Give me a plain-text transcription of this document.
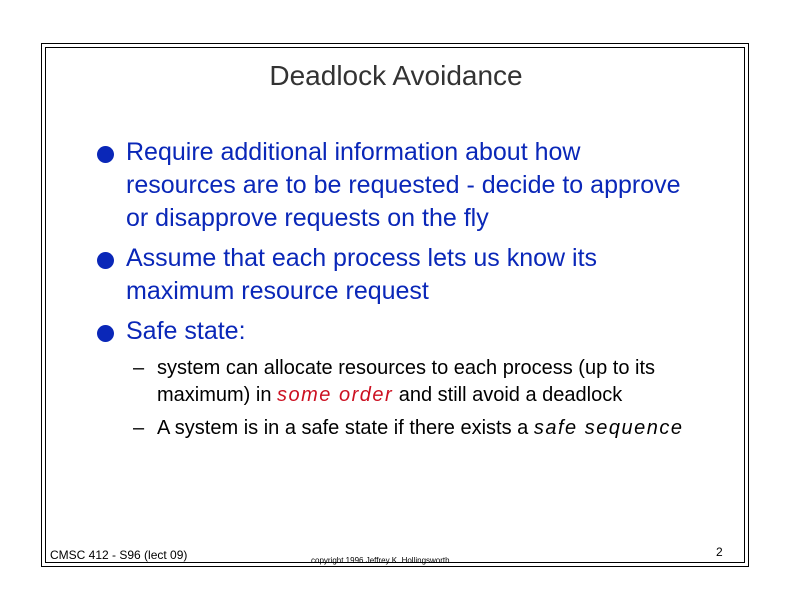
Deadlock Avoidance
Require additional information about how resources are to be requested - decide to approve or disapprove requests on the fly
Assume that each process lets us know its maximum resource request
Safe state:
– system can allocate resources to each process (up to its maximum) in some order and still avoid a deadlock
– A system is in a safe state if there exists a safe sequence
CMSC 412 - S96 (lect 09)	copyright 1996 Jeffrey K. Hollingsworth
2
